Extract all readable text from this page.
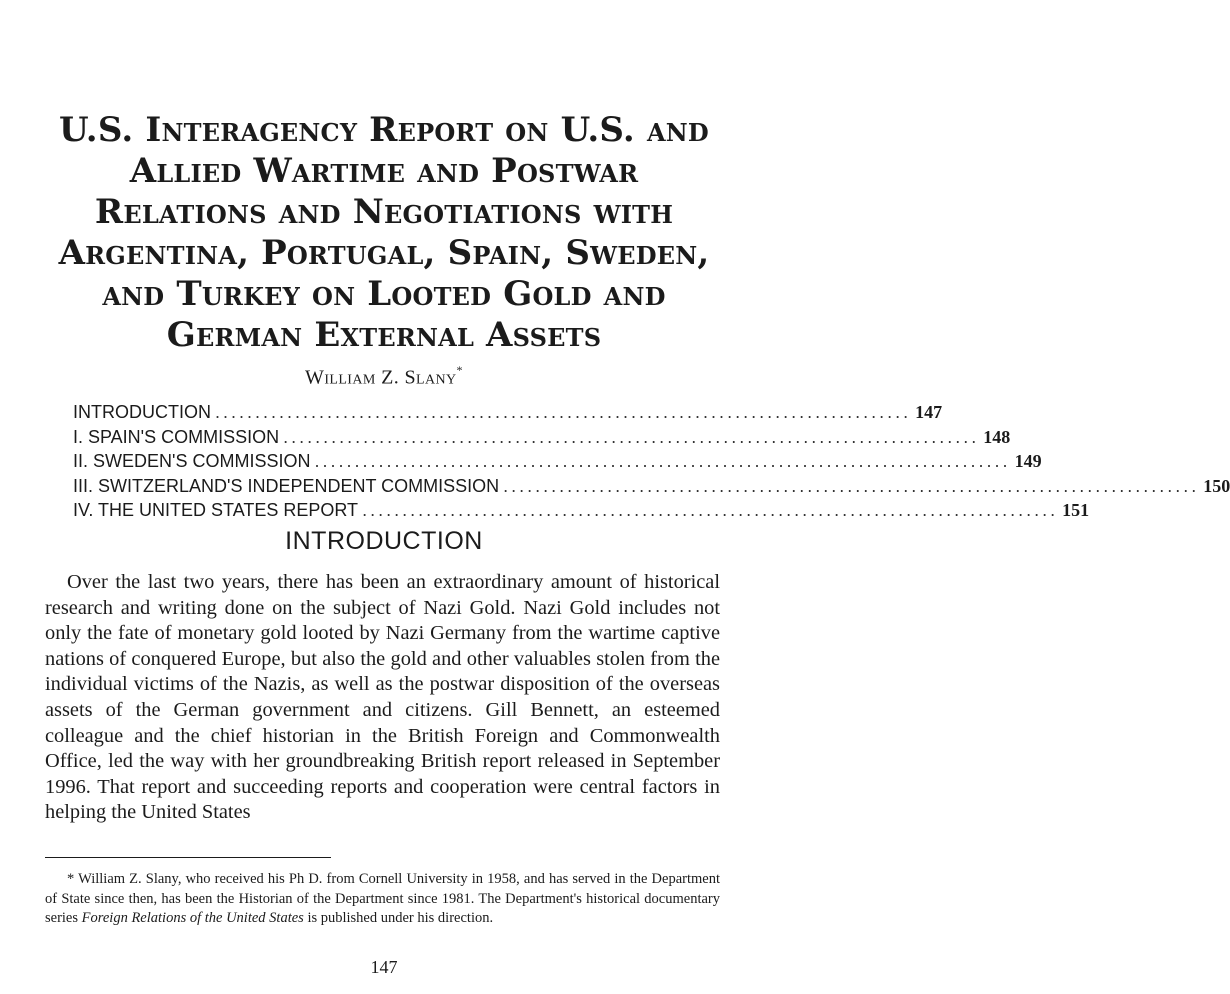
U.S. Interagency Report on U.S. and
Allied Wartime and Postwar
Relations and Negotiations with
Argentina, Portugal, Spain, Sweden,
and Turkey on Looted Gold and
German External Assets
William Z. Slany*
INTRODUCTION ....................................................................................... 147
I. SPAIN'S COMMISSION ....................................................................................... 148
II. SWEDEN'S COMMISSION ....................................................................................... 149
III. SWITZERLAND'S INDEPENDENT COMMISSION ....................................................................................... 150
IV. THE UNITED STATES REPORT ....................................................................................... 151
INTRODUCTION

Over the last two years, there has been an extraordinary amount of historical research and writing done on the subject of Nazi Gold. Nazi Gold includes not only the fate of monetary gold looted by Nazi Germany from the wartime captive nations of conquered Europe, but also the gold and other valuables stolen from the individual victims of the Nazis, as well as the postwar disposition of the overseas assets of the German government and citizens. Gill Bennett, an esteemed colleague and the chief historian in the British Foreign and Commonwealth Office, led the way with her groundbreaking British report released in September 1996. That report and succeeding reports and cooperation were central factors in helping the United States

* William Z. Slany, who received his Ph D. from Cornell University in 1958, and has served in the Department of State since then, has been the Historian of the Department since 1981. The Department's historical documentary series Foreign Relations of the United States is published under his direction.

147
